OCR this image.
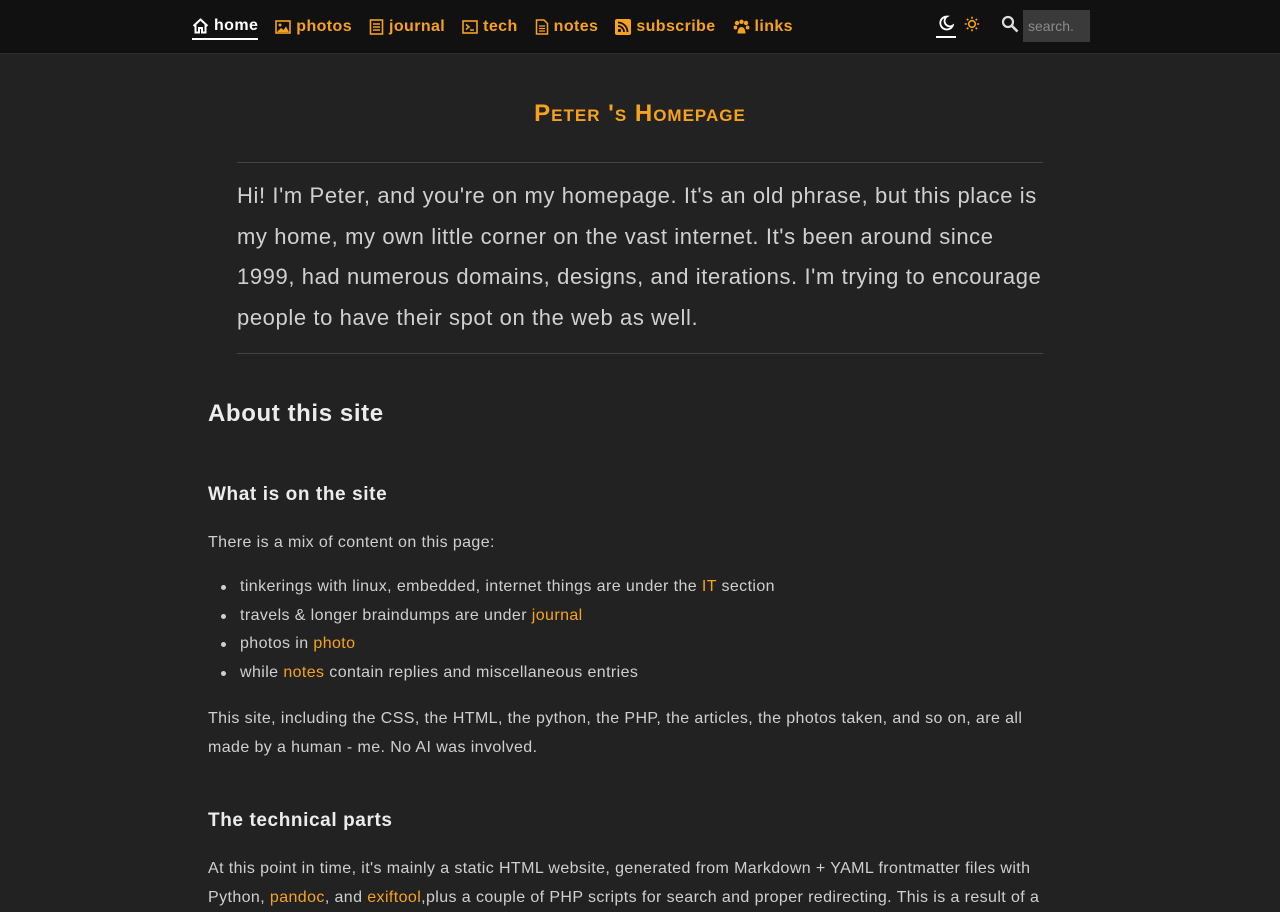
home photos journal tech notes subscribe links
search.
Peter 's Homepage
Hi! I'm Peter, and you're on my homepage. It's an old phrase, but this place is my home, my own little corner on the vast internet. It's been around since 1999, had numerous domains, designs, and iterations. I'm trying to encourage people to have their spot on the web as well.
About this site
What is on the site

There is a mix of content on this page:

tinkerings with linux, embedded, internet things are under the IT section
travels & longer braindumps are under journal
photos in photo
while notes contain replies and miscellaneous entries

This site, including the CSS, the HTML, the python, the PHP, the articles, the photos taken, and so on, are all made by a human - me. No AI was involved.

The technical parts

At this point in time, it's mainly a static HTML website, generated from Markdown + YAML frontmatter files with Python, pandoc, and exiftool,plus a couple of PHP scripts for search and proper redirecting. This is a result of a
